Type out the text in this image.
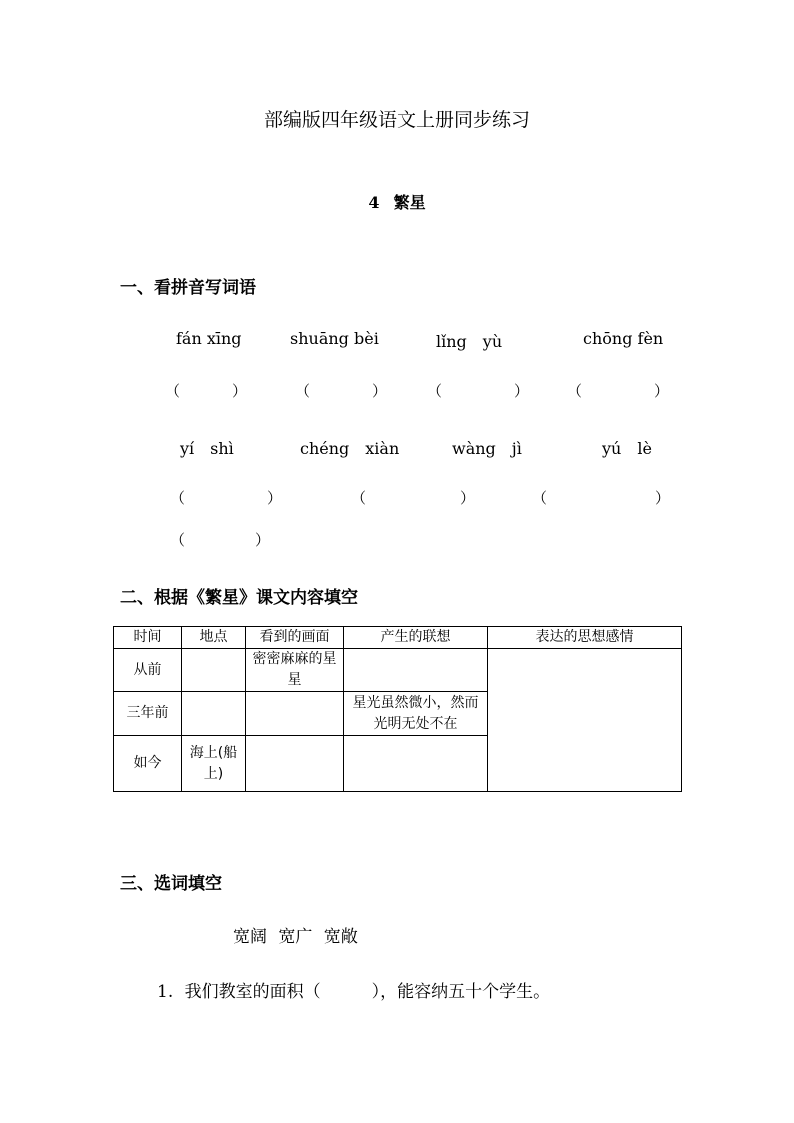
部编版四年级语文上册同步练习
4 繁星
一、看拼音写词语
fán xīng	shuāng bèi	lǐng　yù	chōng fèn
（	）	（	）	（	）	（	）
yí　shì	chéng　xiàn	wàng　jì	yú　lè
（	）	（	）	（	）
（	）
二、根据《繁星》课文内容填空
时间	地点	看到的画面	产生的联想	表达的思想感情
从前		密密麻麻的星星		
三年前			星光虽然微小，然而光明无处不在	
如今	海上(船上)			
三、选词填空
宽阔 宽广 宽敞
1. 我们教室的面积（　　　），能容纳五十个学生。
